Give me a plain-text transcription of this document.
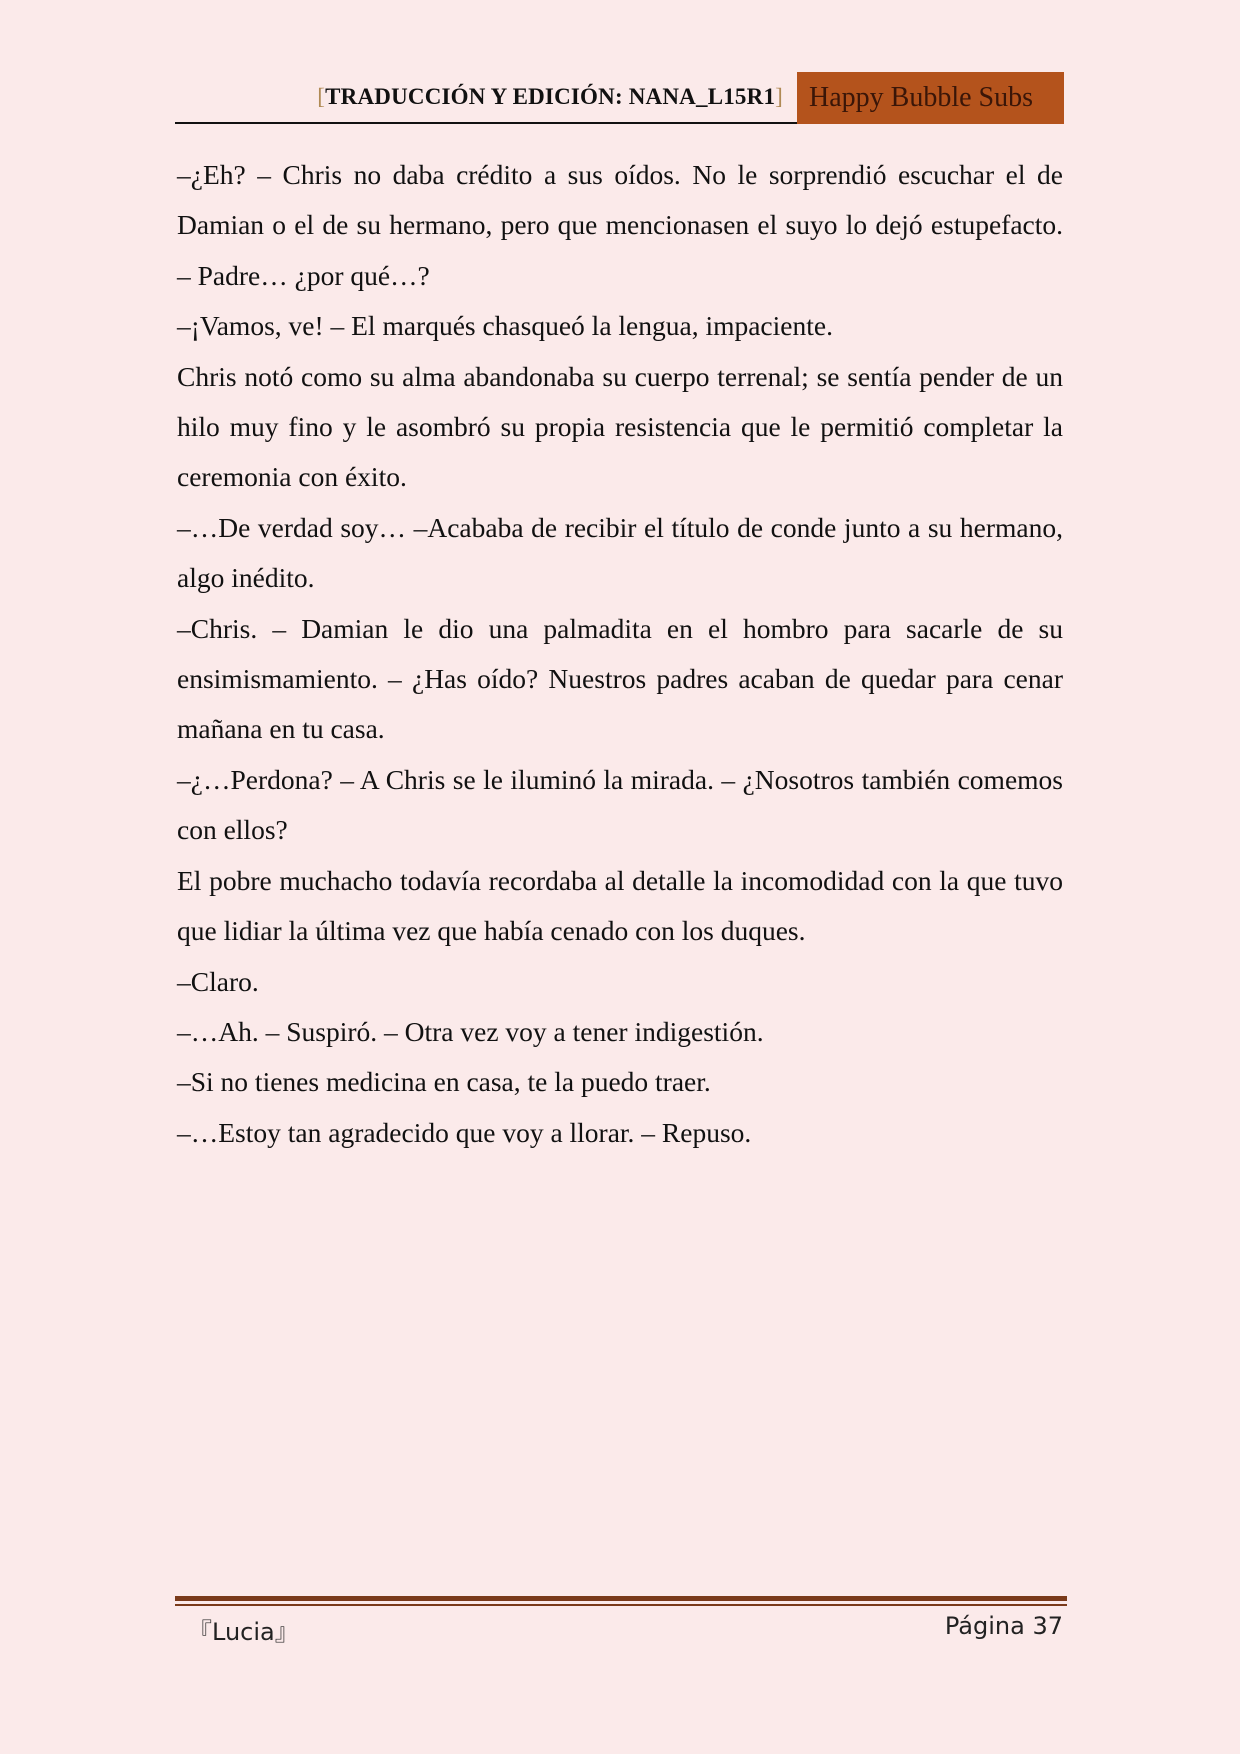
[TRADUCCIÓN Y EDICIÓN: NANA_L15R1] Happy Bubble Subs

–¿Eh? – Chris no daba crédito a sus oídos. No le sorprendió escuchar el de Damian o el de su hermano, pero que mencionasen el suyo lo dejó estupefacto. – Padre… ¿por qué…?

–¡Vamos, ve! – El marqués chasqueó la lengua, impaciente.

Chris notó como su alma abandonaba su cuerpo terrenal; se sentía pender de un hilo muy fino y le asombró su propia resistencia que le permitió completar la ceremonia con éxito.

–…De verdad soy… –Acababa de recibir el título de conde junto a su hermano, algo inédito.

–Chris. – Damian le dio una palmadita en el hombro para sacarle de su ensimismamiento. – ¿Has oído? Nuestros padres acaban de quedar para cenar mañana en tu casa.

–¿…Perdona? – A Chris se le iluminó la mirada. – ¿Nosotros también comemos con ellos?

El pobre muchacho todavía recordaba al detalle la incomodidad con la que tuvo que lidiar la última vez que había cenado con los duques.

–Claro.

–…Ah. – Suspiró. – Otra vez voy a tener indigestión.

–Si no tienes medicina en casa, te la puedo traer.

–…Estoy tan agradecido que voy a llorar. – Repuso.

『Lucia』	Página 37
